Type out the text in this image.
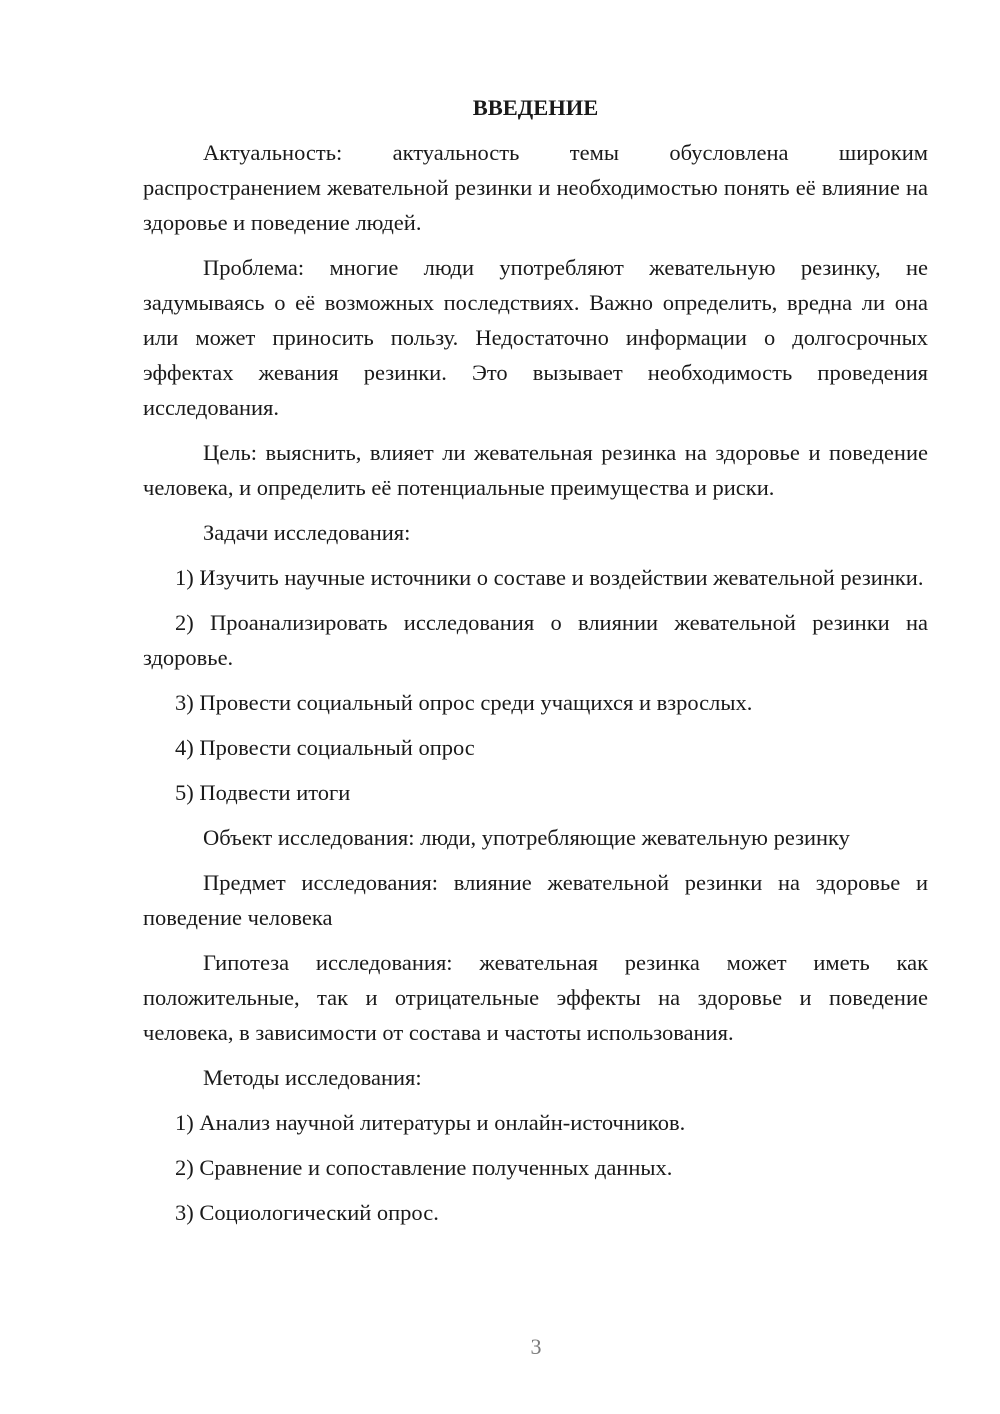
ВВЕДЕНИЕ

Актуальность: актуальность темы обусловлена широким распространением жевательной резинки и необходимостью понять её влияние на здоровье и поведение людей.

Проблема: многие люди употребляют жевательную резинку, не задумываясь о её возможных последствиях. Важно определить, вредна ли она или может приносить пользу. Недостаточно информации о долгосрочных эффектах жевания резинки. Это вызывает необходимость проведения исследования.

Цель: выяснить, влияет ли жевательная резинка на здоровье и поведение человека, и определить её потенциальные преимущества и риски.

Задачи исследования:

1) Изучить научные источники о составе и воздействии жевательной резинки.

2) Проанализировать исследования о влиянии жевательной резинки на здоровье.

3) Провести социальный опрос среди учащихся и взрослых.

4) Провести социальный опрос

5) Подвести итоги

Объект исследования: люди, употребляющие жевательную резинку

Предмет исследования: влияние жевательной резинки на здоровье и поведение человека

Гипотеза исследования: жевательная резинка может иметь как положительные, так и отрицательные эффекты на здоровье и поведение человека, в зависимости от состава и частоты использования.

Методы исследования:

1) Анализ научной литературы и онлайн-источников.

2) Сравнение и сопоставление полученных данных.

3) Социологический опрос.

3
